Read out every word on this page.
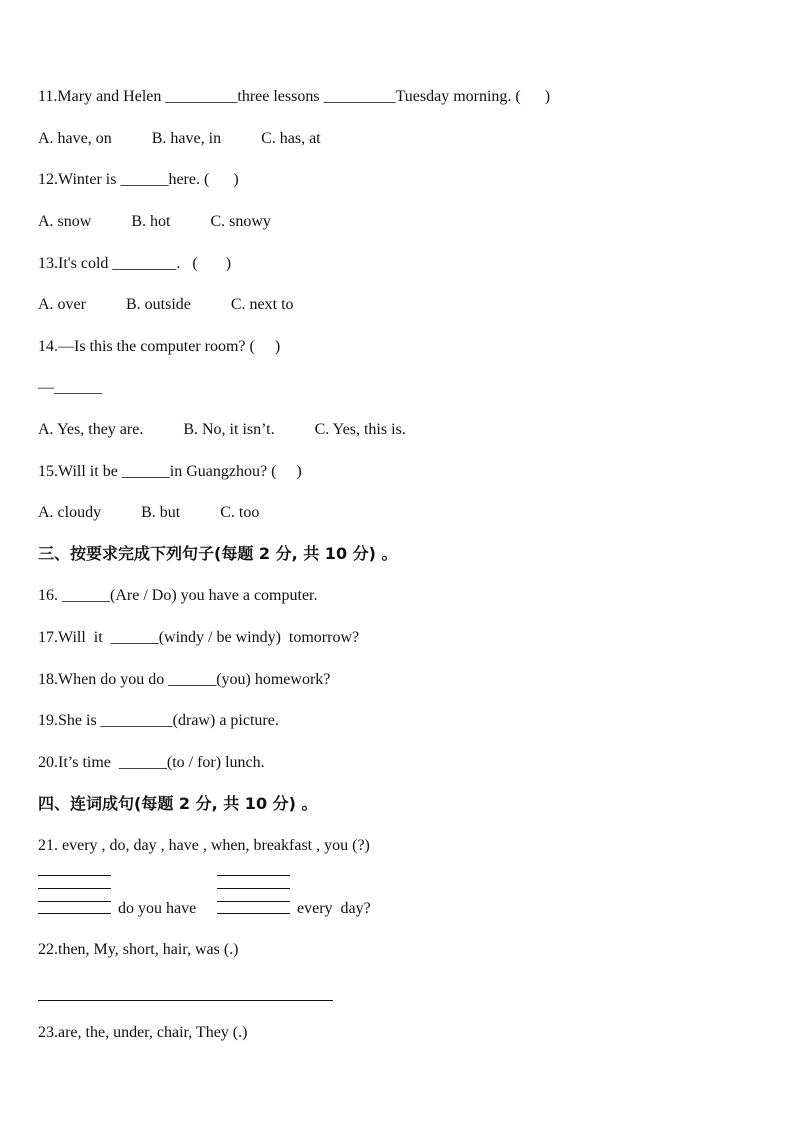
11.Mary and Helen _________three lessons _________Tuesday morning. (      )
A. have, on          B. have, in          C. has, at
12.Winter is ______here. (      )
A. snow          B. hot          C. snowy
13.It's cold ________.   (       )
A. over          B. outside          C. next to
14.—Is this the computer room? (     )
—______
A. Yes, they are.          B. No, it isn’t.          C. Yes, this is.
15.Will it be ______in Guangzhou? (     )
A. cloudy          B. but          C. too
三、按要求完成下列句子(每题 2 分, 共 10 分) 。
16. ______(Are / Do) you have a computer.
17.Will  it  ______(windy / be windy)  tomorrow?
18.When do you do ______(you) homework?
19.She is _________(draw) a picture.
20.It’s time  ______(to / for) lunch.
四、连词成句(每题 2 分, 共 10 分) 。
21. every , do, day , have , when, breakfast , you (?)
do you have	every  day?
22.then, My, short, hair, was (.)
23.are, the, under, chair, They (.)
